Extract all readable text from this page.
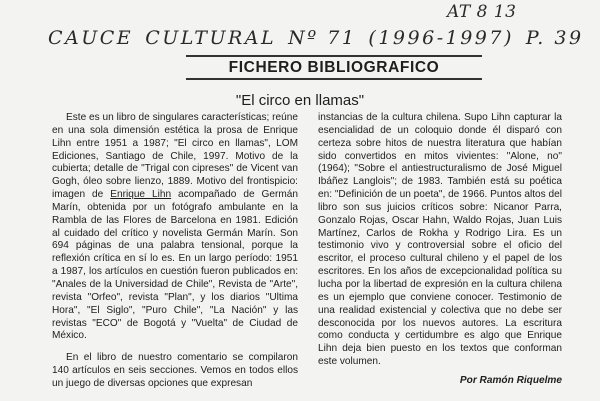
AT 8 13
CAUCE CULTURAL Nº 71 (1996-1997) P. 39
FICHERO BIBLIOGRAFICO
"El circo en llamas"

Este es un libro de singulares características; reúne en una sola dimensión estética la prosa de Enrique Lihn entre 1951 a 1987; "El circo en llamas", LOM Ediciones, Santiago de Chile, 1997. Motivo de la cubierta; detalle de "Trigal con cipreses" de Vicent van Gogh, óleo sobre lienzo, 1889. Motivo del frontispicio: imagen de Enrique Lihn acompañado de Germán Marín, obtenida por un fotógrafo ambulante en la Rambla de las Flores de Barcelona en 1981. Edición al cuidado del crítico y novelista Germán Marín. Son 694 páginas de una palabra tensional, porque la reflexión crítica en sí lo es. En un largo período: 1951 a 1987, los artículos en cuestión fueron publicados en: "Anales de la Universidad de Chile", Revista de "Arte", revista "Orfeo", revista "Plan", y los diarios "Ultima Hora", "El Siglo", "Puro Chile", "La Nación" y las revistas "ECO" de Bogotá y "Vuelta" de Ciudad de México.

En el libro de nuestro comentario se compilaron 140 artículos en seis secciones. Vemos en todos ellos un juego de diversas opciones que expresan

instancias de la cultura chilena. Supo Lihn capturar la esencialidad de un coloquio donde él disparó con certeza sobre hitos de nuestra literatura que habían sido convertidos en mitos vivientes: "Alone, no" (1964); "Sobre el antiestructuralismo de José Miguel Ibáñez Langlois"; de 1983. También está su poética en: "Definición de un poeta", de 1966. Puntos altos del libro son sus juicios críticos sobre: Nicanor Parra, Gonzalo Rojas, Oscar Hahn, Waldo Rojas, Juan Luis Martínez, Carlos de Rokha y Rodrigo Lira. Es un testimonio vivo y controversial sobre el oficio del escritor, el proceso cultural chileno y el papel de los escritores. En los años de excepcionalidad política su lucha por la libertad de expresión en la cultura chilena es un ejemplo que conviene conocer. Testimonio de una realidad existencial y colectiva que no debe ser desconocida por los nuevos autores. La escritura como conducta y certidumbre es algo que Enrique Lihn deja bien puesto en los textos que conforman este volumen.

Por Ramón Riquelme
